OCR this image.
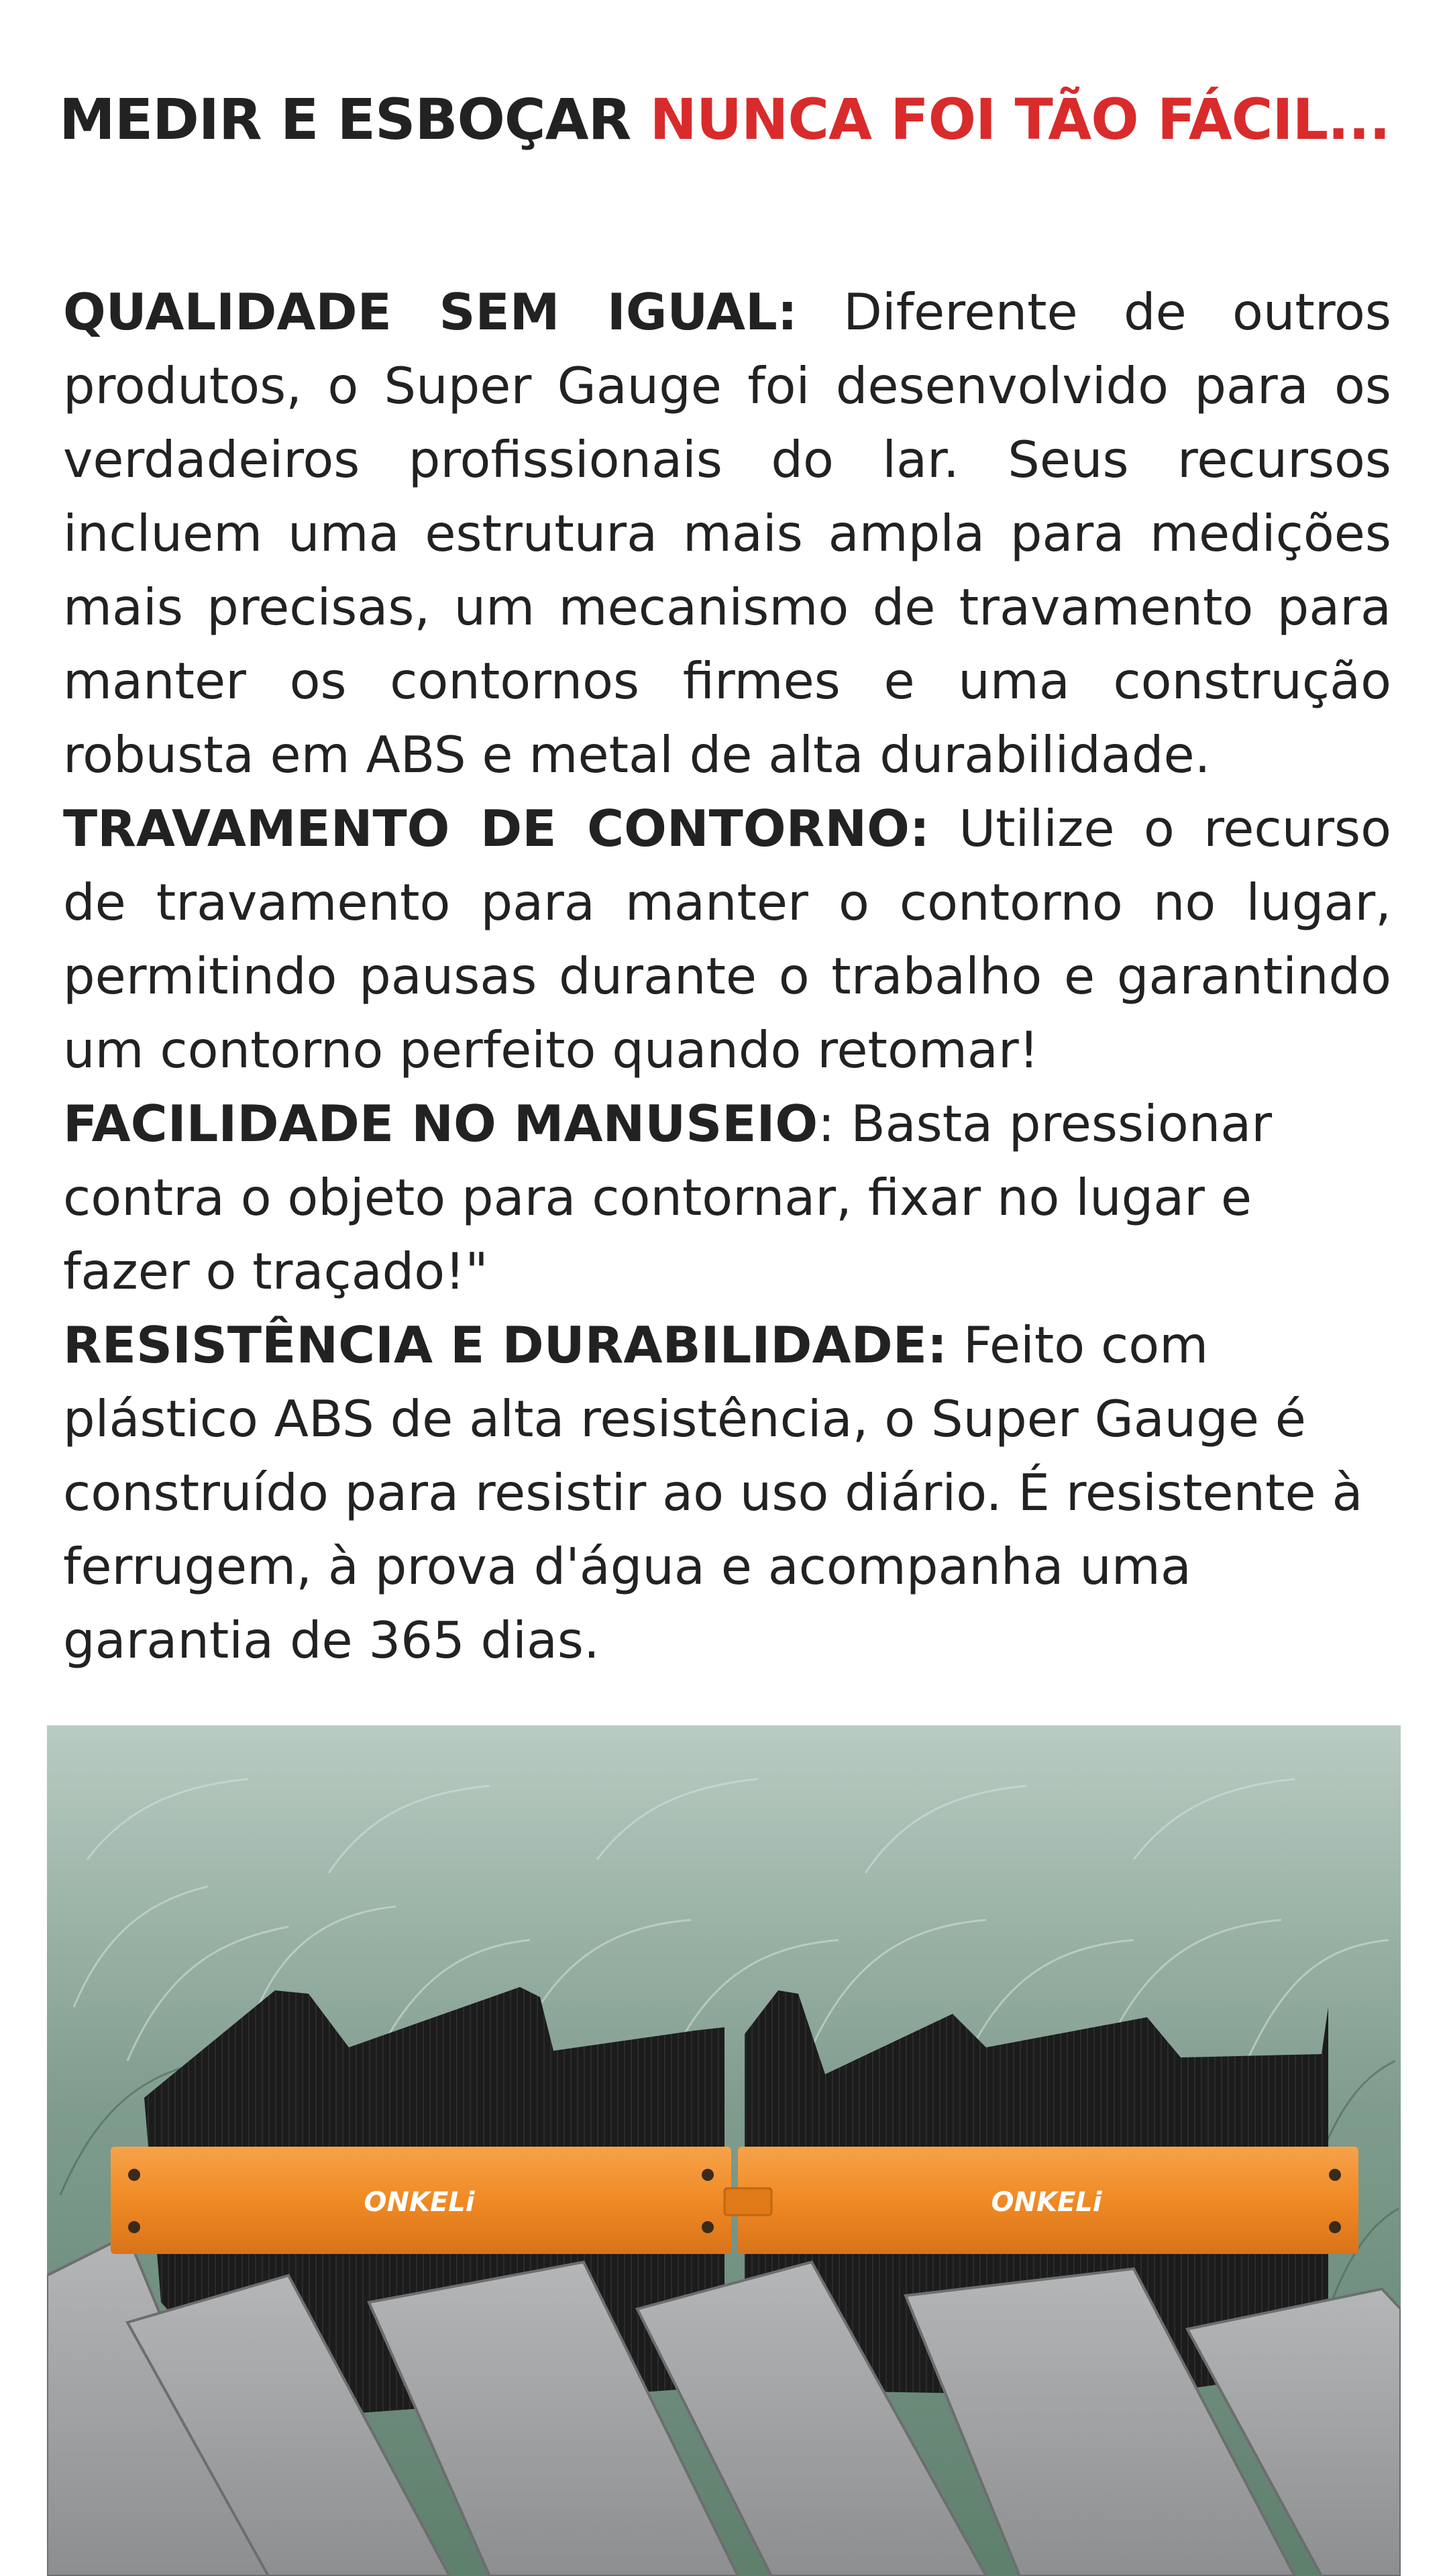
MEDIR E ESBOÇAR NUNCA FOI TÃO FÁCIL...

QUALIDADE SEM IGUAL: Diferente de outros produtos, o Super Gauge foi desenvolvido para os verdadeiros profissionais do lar. Seus recursos incluem uma estrutura mais ampla para medições mais precisas, um mecanismo de travamento para manter os contornos firmes e uma construção robusta em ABS e metal de alta durabilidade.

TRAVAMENTO DE CONTORNO: Utilize o recurso de travamento para manter o contorno no lugar, permitindo pausas durante o trabalho e garantindo um contorno perfeito quando retomar!

FACILIDADE NO MANUSEIO: Basta pressionar contra o objeto para contornar, fixar no lugar e fazer o traçado!"

RESISTÊNCIA E DURABILIDADE: Feito com plástico ABS de alta resistência, o Super Gauge é construído para resistir ao uso diário. É resistente à ferrugem, à prova d'água e acompanha uma garantia de 365 dias.

ONKELi	ONKELi
